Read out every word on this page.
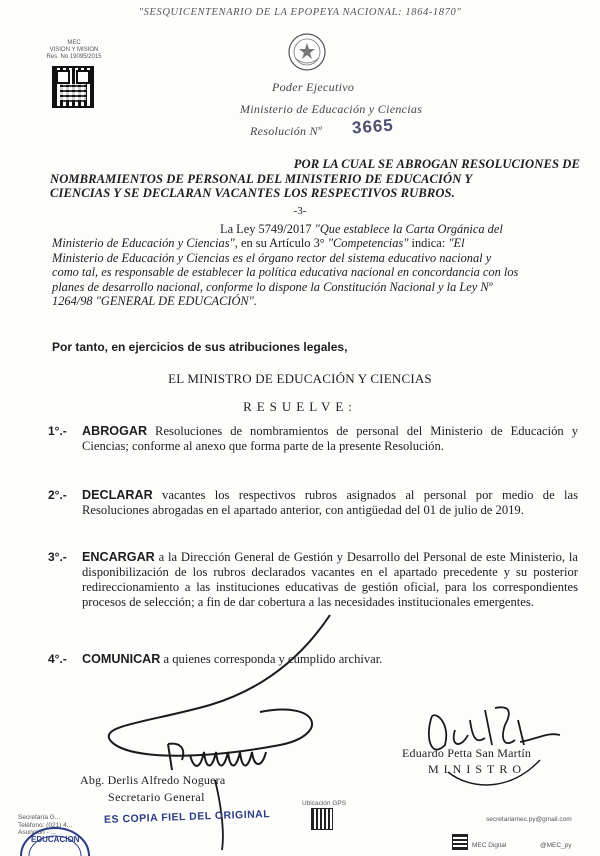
"SESQUICENTENARIO DE LA EPOPEYA NACIONAL: 1864-1870"
MEC
VISION Y MISION
Res. No 19095/2015
Poder Ejecutivo
Ministerio de Educación y Ciencias
Resolución Nº 3665
POR LA CUAL SE ABROGAN RESOLUCIONES DE
NOMBRAMIENTOS DE PERSONAL DEL MINISTERIO DE EDUCACIÓN Y
CIENCIAS Y SE DECLARAN VACANTES LOS RESPECTIVOS RUBROS.
-3-
La Ley 5749/2017 "Que establece la Carta Orgánica del
Ministerio de Educación y Ciencias", en su Artículo 3° "Competencias" indica: "El
Ministerio de Educación y Ciencias es el órgano rector del sistema educativo nacional y
como tal, es responsable de establecer la política educativa nacional en concordancia con los
planes de desarrollo nacional, conforme lo dispone la Constitución Nacional y la Ley Nº
1264/98 "GENERAL DE EDUCACIÓN".
Por tanto, en ejercicios de sus atribuciones legales,
EL MINISTRO DE EDUCACIÓN Y CIENCIAS
RESUELVE:
1°.-	ABROGAR Resoluciones de nombramientos de personal del Ministerio de Educación y Ciencias; conforme al anexo que forma parte de la presente Resolución.
2°.-	DECLARAR vacantes los respectivos rubros asignados al personal por medio de las Resoluciones abrogadas en el apartado anterior, con antigüedad del 01 de julio de 2019.
3°.-	ENCARGAR a la Dirección General de Gestión y Desarrollo del Personal de este Ministerio, la disponibilización de los rubros declarados vacantes en el apartado precedente y su posterior redireccionamiento a las instituciones educativas de gestión oficial, para los correspondientes procesos de selección; a fin de dar cobertura a las necesidades institucionales emergentes.
4°.-	COMUNICAR a quienes corresponda y cumplido archivar.
Eduardo Petta San Martín
MINISTRO
Abg. Derlis Alfredo Noguera
Secretario General
Secretaría G...
Teléfono: (021) 4...
Asunción - ...
EDUCACION
ES COPIA FIEL DEL ORIGINAL
Ubicación GPS
secretariamec.py@gmail.com
MEC Digital	@MEC_py
